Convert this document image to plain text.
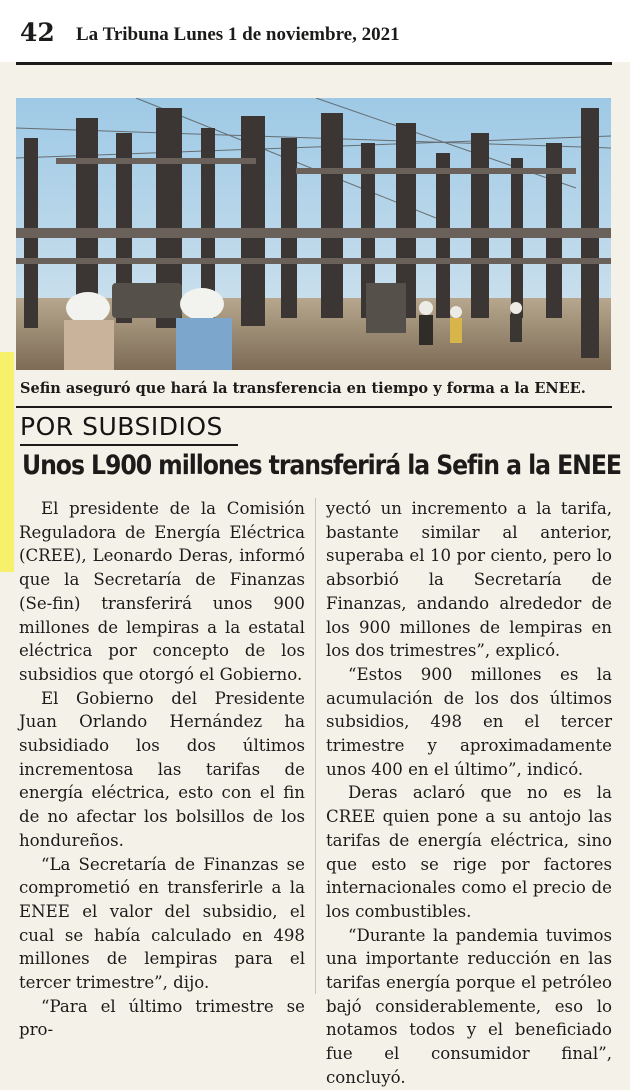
42 La Tribuna Lunes 1 de noviembre, 2021
Sefin aseguró que hará la transferencia en tiempo y forma a la ENEE.
POR SUBSIDIOS
Unos L900 millones transferirá la Sefin a la ENEE

El presidente de la Comisión Reguladora de Energía Eléctrica (CREE), Leonardo Deras, informó que la Secretaría de Finanzas (Se-fin) transferirá unos 900 millones de lempiras a la estatal eléctrica por concepto de los subsidios que otorgó el Gobierno.

El Gobierno del Presidente Juan Orlando Hernández ha subsidiado los dos últimos incrementosa las tarifas de energía eléctrica, esto con el fin de no afectar los bolsillos de los hondureños.

“La Secretaría de Finanzas se comprometió en transferirle a la ENEE el valor del subsidio, el cual se había calculado en 498 millones de lempiras para el tercer trimestre”, dijo.

“Para el último trimestre se pro-

yectó un incremento a la tarifa, bastante similar al anterior, superaba el 10 por ciento, pero lo absorbió la Secretaría de Finanzas, andando alrededor de los 900 millones de lempiras en los dos trimestres”, explicó.

“Estos 900 millones es la acumulación de los dos últimos subsidios, 498 en el tercer trimestre y aproximadamente unos 400 en el último”, indicó.

Deras aclaró que no es la CREE quien pone a su antojo las tarifas de energía eléctrica, sino que esto se rige por factores internacionales como el precio de los combustibles.

“Durante la pandemia tuvimos una importante reducción en las tarifas energía porque el petróleo bajó considerablemente, eso lo notamos todos y el beneficiado fue el consumidor final”, concluyó.
